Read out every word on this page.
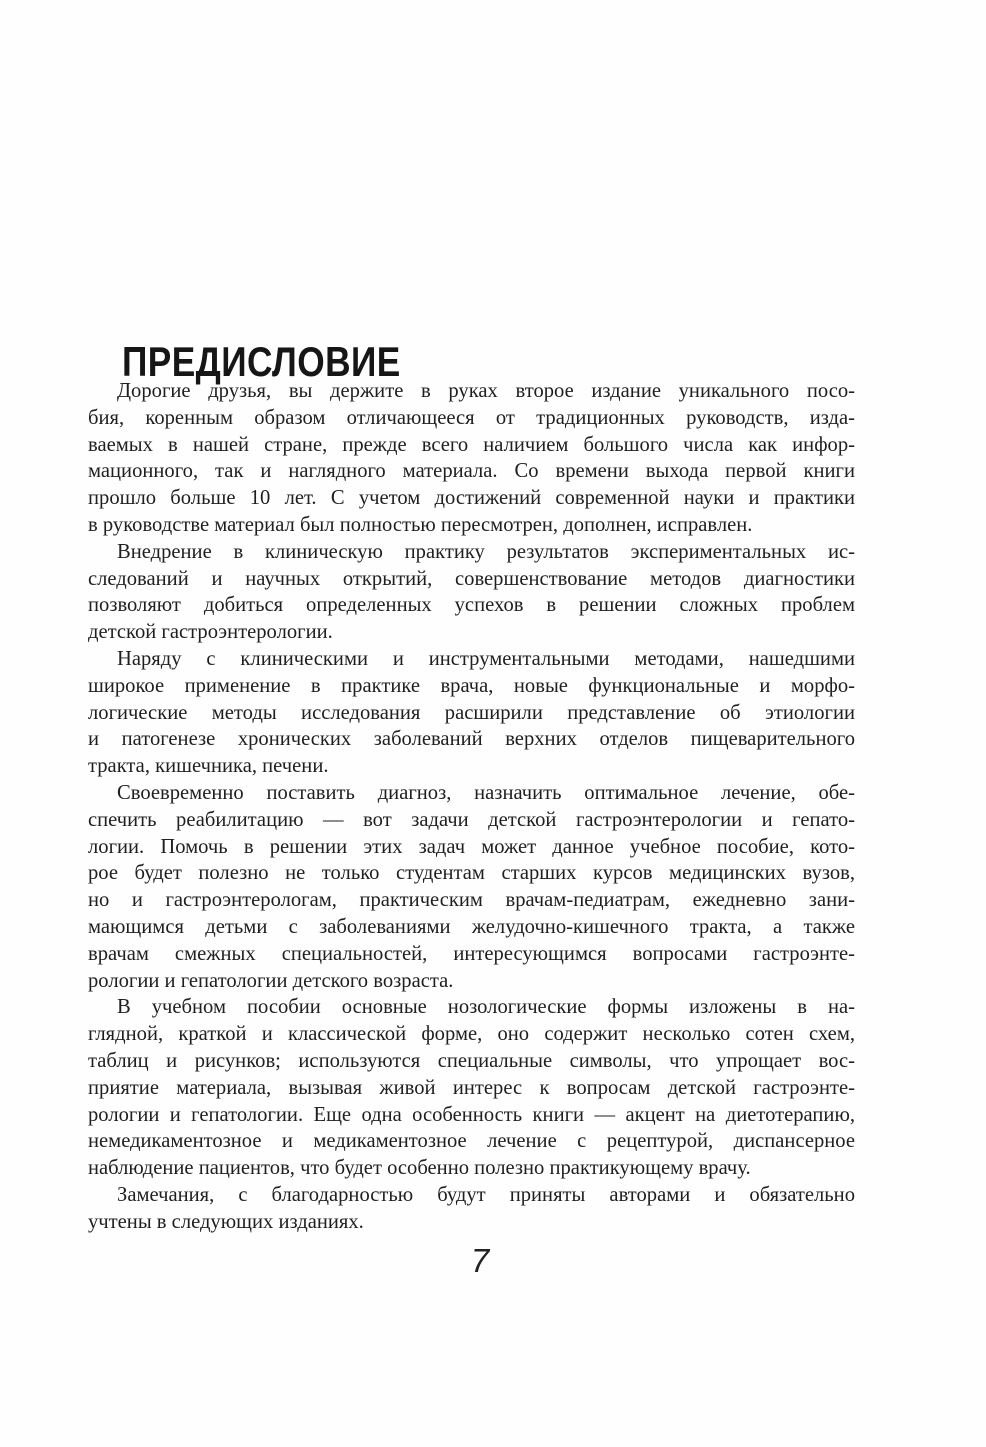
ПРЕДИСЛОВИЕ

Дорогие друзья, вы держите в руках второе издание уникального посо-
бия, коренным образом отличающееся от традиционных руководств, изда-
ваемых в нашей стране, прежде всего наличием большого числа как инфор-
мационного, так и наглядного материала. Со времени выхода первой книги
прошло больше 10 лет. С учетом достижений современной науки и практики
в руководстве материал был полностью пересмотрен, дополнен, исправлен.

Внедрение в клиническую практику результатов экспериментальных ис-
следований и научных открытий, совершенствование методов диагностики
позволяют добиться определенных успехов в решении сложных проблем
детской гастроэнтерологии.

Наряду с клиническими и инструментальными методами, нашедшими
широкое применение в практике врача, новые функциональные и морфо-
логические методы исследования расширили представление об этиологии
и патогенезе хронических заболеваний верхних отделов пищеварительного
тракта, кишечника, печени.

Своевременно поставить диагноз, назначить оптимальное лечение, обе-
спечить реабилитацию — вот задачи детской гастроэнтерологии и гепато-
логии. Помочь в решении этих задач может данное учебное пособие, кото-
рое будет полезно не только студентам старших курсов медицинских вузов,
но и гастроэнтерологам, практическим врачам-педиатрам, ежедневно зани-
мающимся детьми с заболеваниями желудочно-кишечного тракта, а также
врачам смежных специальностей, интересующимся вопросами гастроэнте-
рологии и гепатологии детского возраста.

В учебном пособии основные нозологические формы изложены в на-
глядной, краткой и классической форме, оно содержит несколько сотен схем,
таблиц и рисунков; используются специальные символы, что упрощает вос-
приятие материала, вызывая живой интерес к вопросам детской гастроэнте-
рологии и гепатологии. Еще одна особенность книги — акцент на диетотерапию,
немедикаментозное и медикаментозное лечение с рецептурой, диспансерное
наблюдение пациентов, что будет особенно полезно практикующему врачу.

Замечания, с благодарностью будут приняты авторами и обязательно
учтены в следующих изданиях.

7
